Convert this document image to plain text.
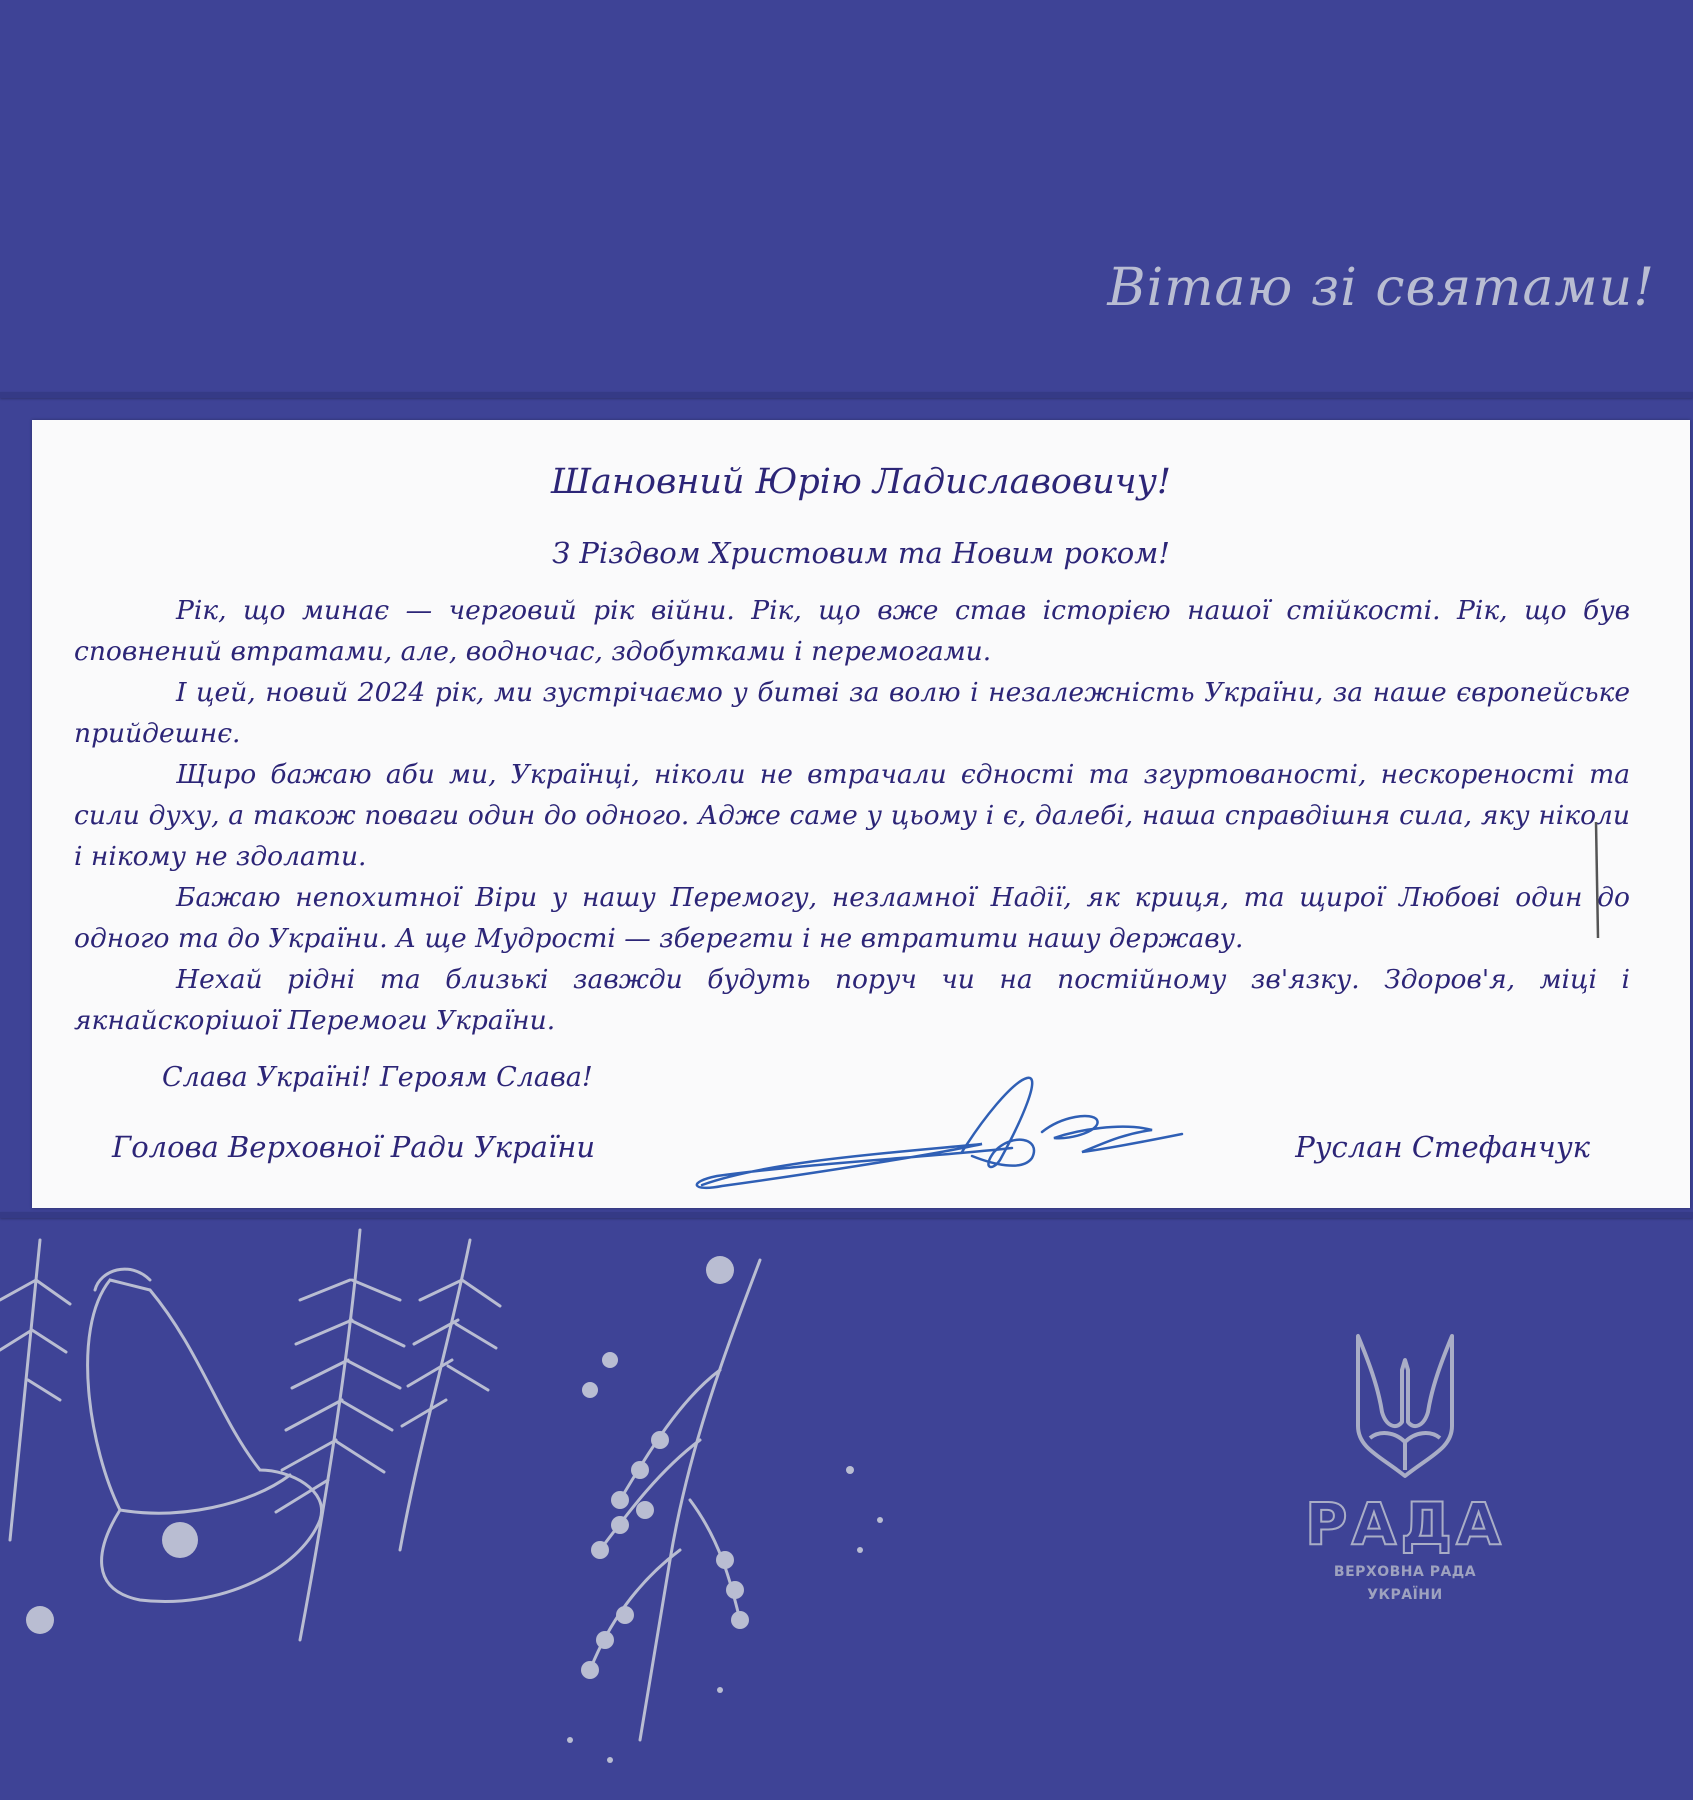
Вітаю зі святами!
Шановний Юрію Ладиславовичу!
З Різдвом Христовим та Новим роком!

Рік, що минає — черговий рік війни. Рік, що вже став історією нашої стійкості. Рік, що був сповнений втратами, але, водночас, здобутками і перемогами.

І цей, новий 2024 рік, ми зустрічаємо у битві за волю і незалежність України, за наше європейське прийдешнє.

Щиро бажаю аби ми, Українці, ніколи не втрачали єдності та згуртованості, нескореності та сили духу, а також поваги один до одного. Адже саме у цьому і є, далебі, наша справдішня сила, яку ніколи і нікому не здолати.

Бажаю непохитної Віри у нашу Перемогу, незламної Надії, як криця, та щирої Любові один до одного та до України. А ще Мудрості — зберегти і не втратити нашу державу.

Нехай рідні та близькі завжди будуть поруч чи на постійному зв'язку. Здоров'я, міці і якнайскорішої Перемоги України.

Слава Україні! Героям Слава!
Голова Верховної Ради України	Руслан Стефанчук
РАДА
ВЕРХОВНА РАДА
УКРАЇНИ
